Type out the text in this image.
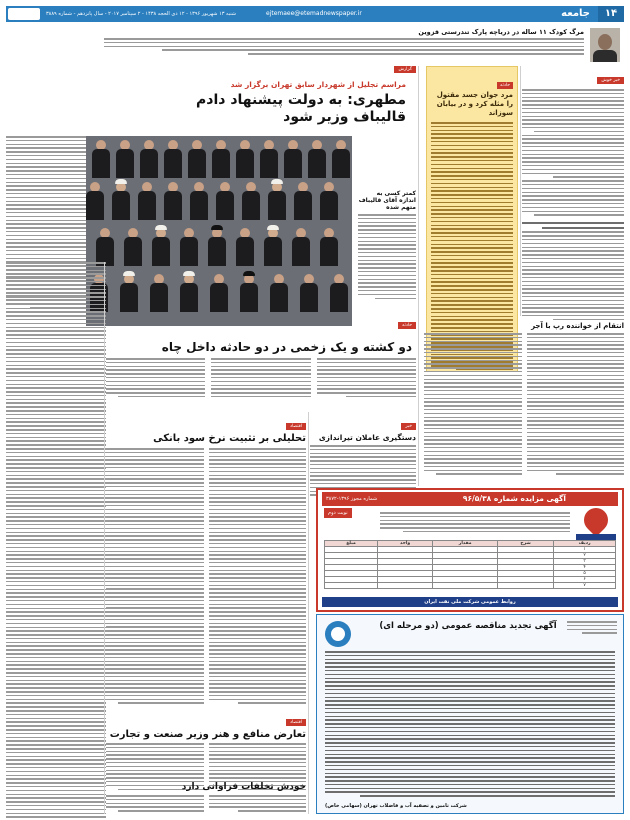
۱۴
جامعه
ejtemaee@etemadnewspaper.ir
شنبه ۱۳ شهریور ۱۳۹۶ - ۱۲ ذی الحجه ۱۴۳۸ - ۲ سپتامبر ۲۰۱۷ - سال پانزدهم - شماره ۳۸۸۹
مرگ کودک ۱۱ ساله در دریاچه پارک تندرستی قزوین
خبر خوش
حادثه
مرد جوان جسد مقتول را مثله کرد و در بیابان سوزاند
گزارش
مراسم تجلیل از شهردار سابق تهران برگزار شد
مطهری: به دولت پیشنهاد دادم قالیباف وزیر شود
کمتر کسی به اندازه آقای قالیباف متهم شده
حادثه
دو کشته و یک زخمی در دو حادثه داخل چاه
انتقام از خواننده رپ با آجر
اقتصاد
تحلیلی بر تثبیت نرخ سود بانکی
خبر
دستگیری عاملان تیراندازی
آگهی مزایده شماره ۹۶/۵/۳۸
شماره مجوز ۱۳۹۶-۳۸۷۲
نوبت دوم
ردیف	شرح	مقدار	واحد	مبلغ
۱				
۲				
۳				
۴				
۵				
۶				
۷				
روابط عمومی شرکت ملی نفت ایران
آگهی تجدید مناقصه عمومی (دو مرحله ای)
شرکت تامین و تصفیه آب و فاضلاب تهران (سهامی خاص)
اقتصاد
تعارض منافع و هنر وزیر صنعت و تجارت
خودش تخلفات فراوانی دارد
